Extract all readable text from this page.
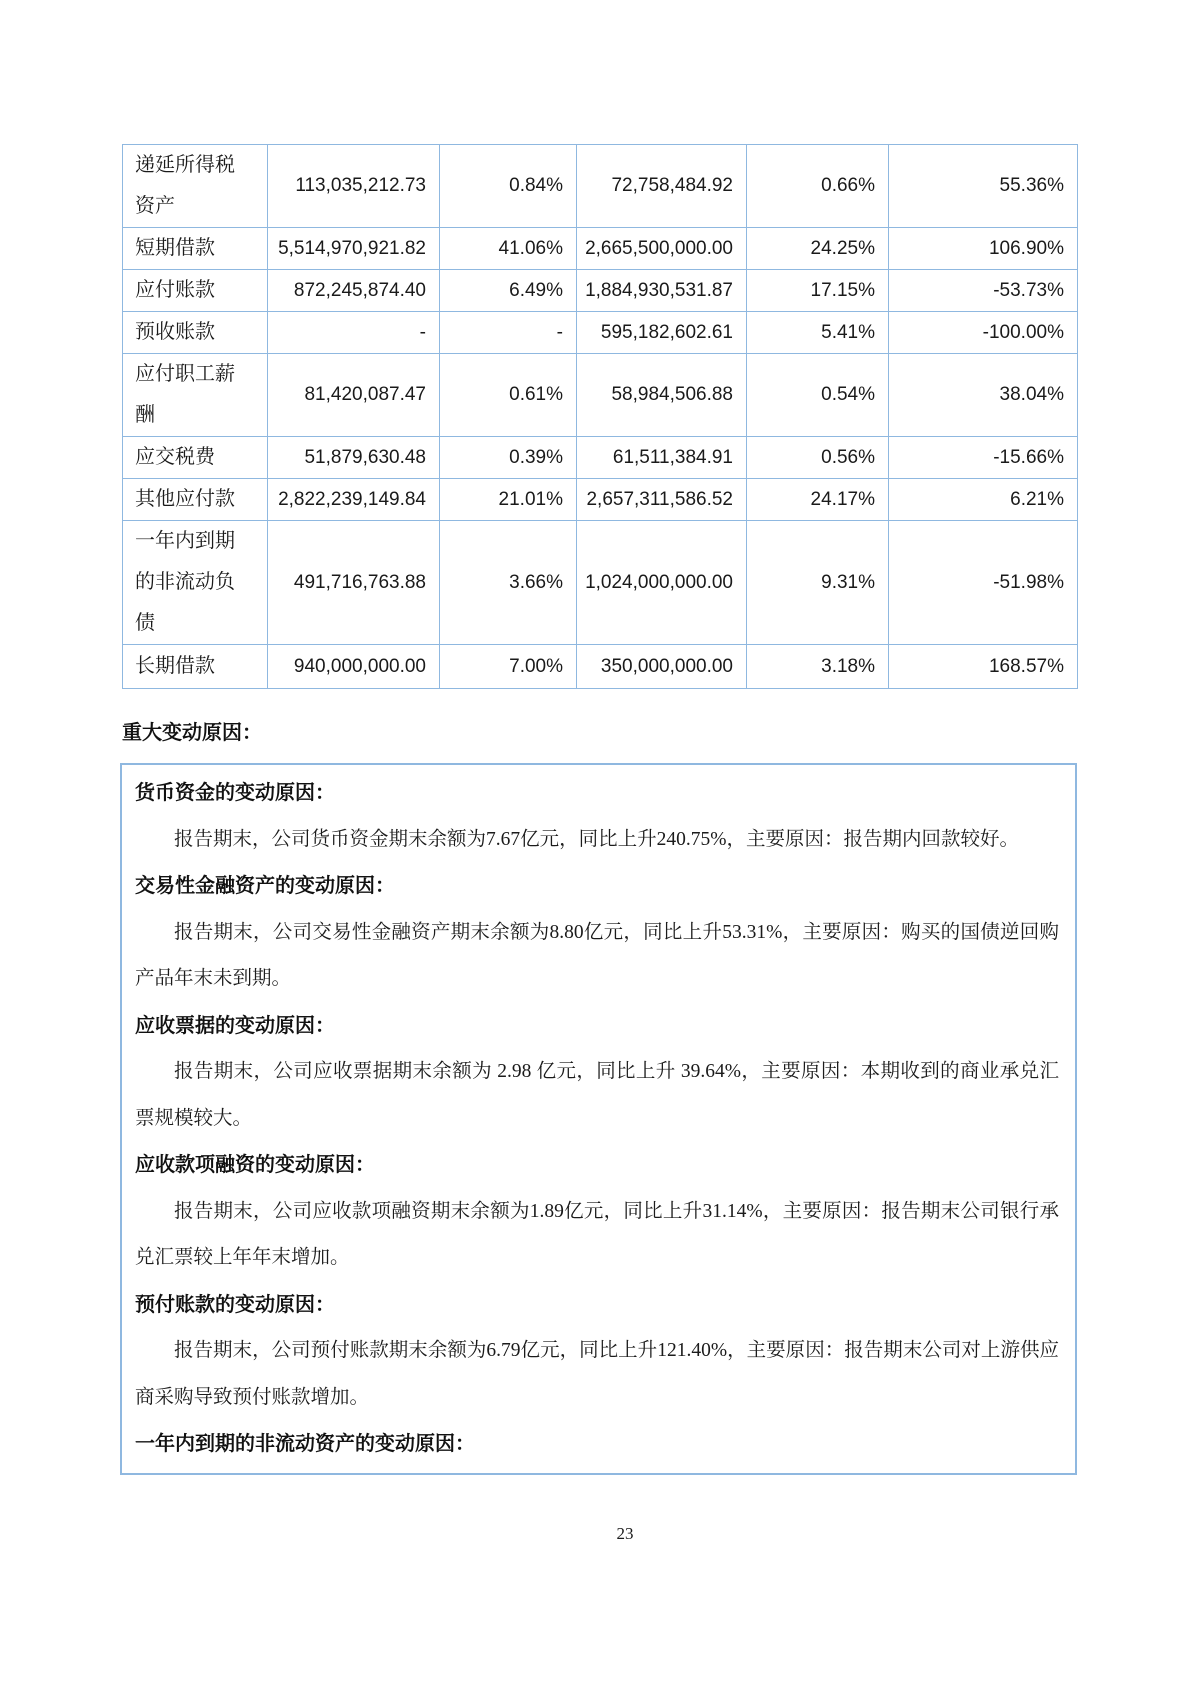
递延所得税资产	113,035,212.73	0.84%	72,758,484.92	0.66%	55.36%
短期借款	5,514,970,921.82	41.06%	2,665,500,000.00	24.25%	106.90%
应付账款	872,245,874.40	6.49%	1,884,930,531.87	17.15%	-53.73%
预收账款	-	-	595,182,602.61	5.41%	-100.00%
应付职工薪酬	81,420,087.47	0.61%	58,984,506.88	0.54%	38.04%
应交税费	51,879,630.48	0.39%	61,511,384.91	0.56%	-15.66%
其他应付款	2,822,239,149.84	21.01%	2,657,311,586.52	24.17%	6.21%
一年内到期的非流动负债	491,716,763.88	3.66%	1,024,000,000.00	9.31%	-51.98%
长期借款	940,000,000.00	7.00%	350,000,000.00	3.18%	168.57%
重大变动原因：
货币资金的变动原因：
报告期末，公司货币资金期末余额为7.67亿元，同比上升240.75%，主要原因：报告期内回款较好。
交易性金融资产的变动原因：
报告期末，公司交易性金融资产期末余额为8.80亿元，同比上升53.31%，主要原因：购买的国债逆回购产品年末未到期。
应收票据的变动原因：
报告期末，公司应收票据期末余额为 2.98 亿元，同比上升 39.64%，主要原因：本期收到的商业承兑汇票规模较大。
应收款项融资的变动原因：
报告期末，公司应收款项融资期末余额为1.89亿元，同比上升31.14%，主要原因：报告期末公司银行承兑汇票较上年年末增加。
预付账款的变动原因：
报告期末，公司预付账款期末余额为6.79亿元，同比上升121.40%，主要原因：报告期末公司对上游供应商采购导致预付账款增加。
一年内到期的非流动资产的变动原因：
23
